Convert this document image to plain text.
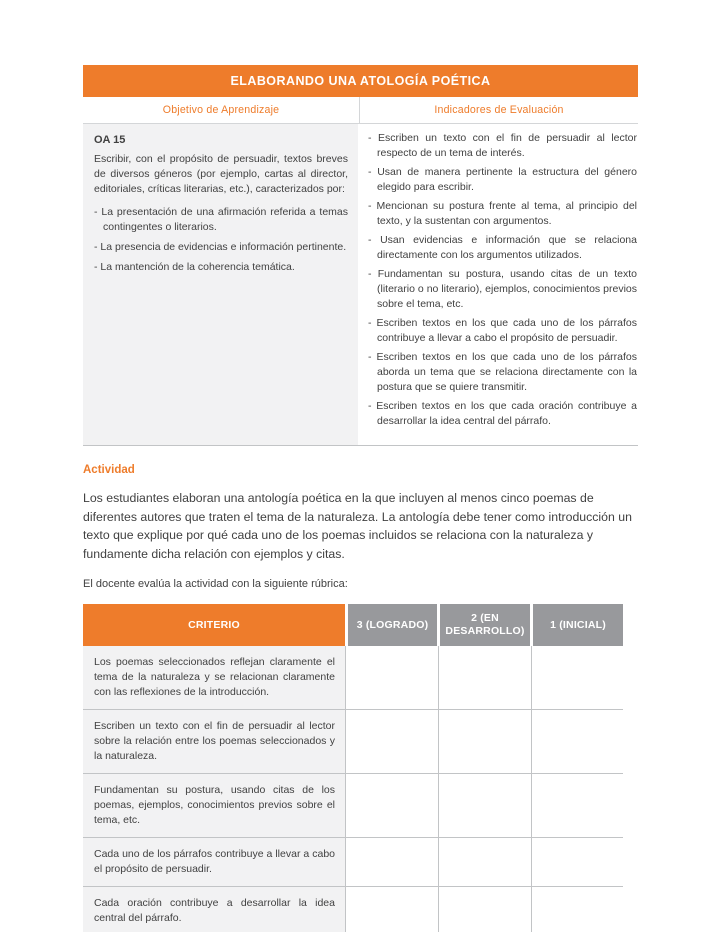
ELABORANDO UNA ATOLOGÍA POÉTICA
Objetivo de Aprendizaje	Indicadores de Evaluación
OA 15

Escribir, con el propósito de persuadir, textos breves de diversos géneros (por ejemplo, cartas al director, editoriales, críticas literarias, etc.), caracterizados por:

- La presentación de una afirmación referida a temas contingentes o literarios.
- La presencia de evidencias e información pertinente.
- La mantención de la coherencia temática.
- Escriben un texto con el fin de persuadir al lector respecto de un tema de interés.
- Usan de manera pertinente la estructura del género elegido para escribir.
- Mencionan su postura frente al tema, al principio del texto, y la sustentan con argumentos.
- Usan evidencias e información que se relaciona directamente con los argumentos utilizados.
- Fundamentan su postura, usando citas de un texto (literario o no literario), ejemplos, conocimientos previos sobre el tema, etc.
- Escriben textos en los que cada uno de los párrafos contribuye a llevar a cabo el propósito de persuadir.
- Escriben textos en los que cada uno de los párrafos aborda un tema que se relaciona directamente con la postura que se quiere transmitir.
- Escriben textos en los que cada oración contribuye a desarrollar la idea central del párrafo.
Actividad

Los estudiantes elaboran una antología poética en la que incluyen al menos cinco poemas de diferentes autores que traten el tema de la naturaleza. La antología debe tener como introducción un texto que explique por qué cada uno de los poemas incluidos se relaciona con la naturaleza y fundamente dicha relación con ejemplos y citas.

El docente evalúa la actividad con la siguiente rúbrica:

CRITERIO	3 (LOGRADO)
2 (EN DESARROLLO)
1 (INICIAL)
Los poemas seleccionados reflejan claramente el tema de la naturaleza y se relacionan claramente con las reflexiones de la introducción.
Escriben un texto con el fin de persuadir al lector sobre la relación entre los poemas seleccionados y la naturaleza.
Fundamentan su postura, usando citas de los poemas, ejemplos, conocimientos previos sobre el tema, etc.
Cada uno de los párrafos contribuye a llevar a cabo el propósito de persuadir.
Cada oración contribuye a desarrollar la idea central del párrafo.
